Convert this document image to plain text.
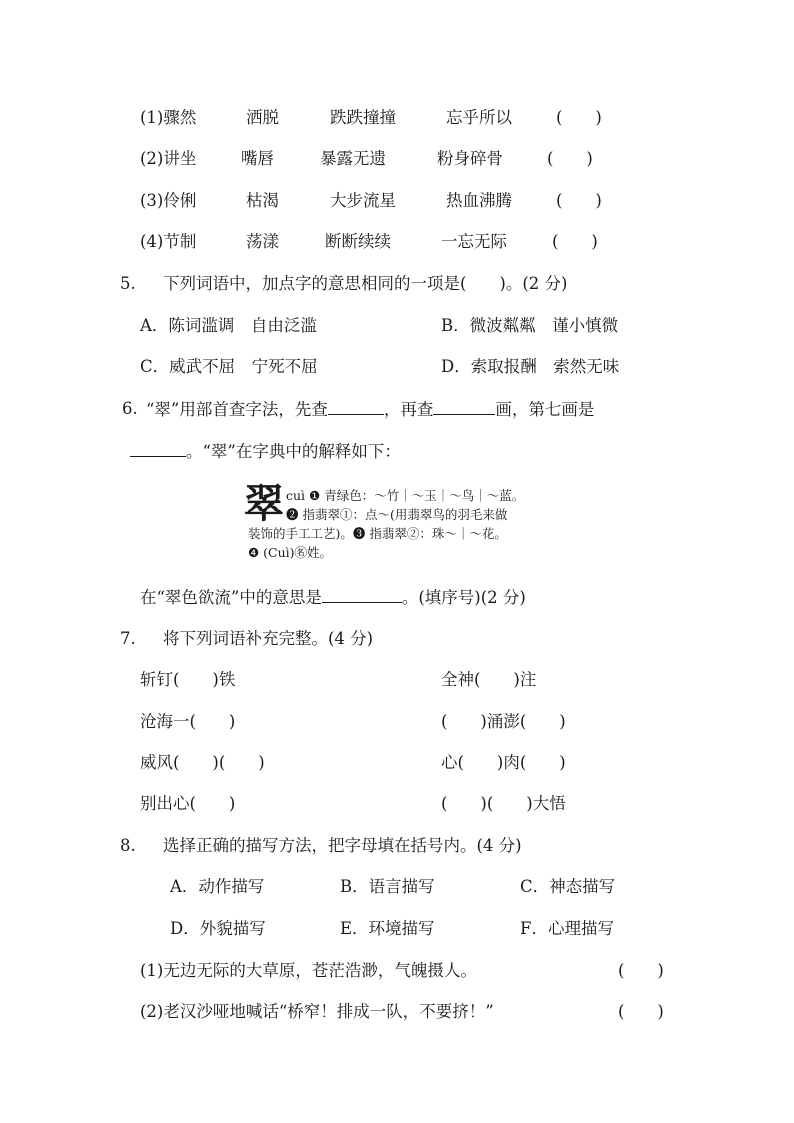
(1)骤然	洒脱	跌跌撞撞	忘乎所以	(　　)
(2)讲坐	嘴唇	暴露无遗	粉身碎骨	(　　)
(3)伶俐	枯渴	大步流星	热血沸腾	(　　)
(4)节制	荡漾	断断续续	一忘无际	(　　)
5. 下列词语中，加点字的意思相同的一项是(　　)。(2 分)
A．陈词滥调　 自由泛滥	B．微波粼粼　 谨小慎微
C．威武不屈　 宁死不屈	D．索取报酬　 索然无味
6. “翠”用部首查字法，先查	，再查	画，第七画是
。“翠”在字典中的解释如下：
翠 cuì ❶ 青绿色：～竹｜～玉｜～鸟｜～蓝。
❷ 指翡翠①：点～(用翡翠鸟的羽毛来做
装饰的手工工艺)。❸ 指翡翠②：珠～｜～花。
❹ (Cuì)㊔姓。
在“翠色欲流”中的意思是	。(填序号)(2 分)
7. 将下列词语补充完整。(4 分)
斩钉(　　)铁	全神(　　)注
沧海一(　　)	(　　)涌澎(　　)
威风(　　)(　　)	心(　　)肉(　　)
别出心(　　)	(　　)(　　)大悟
8. 选择正确的描写方法，把字母填在括号内。(4 分)
A．动作描写	B．语言描写	C．神态描写
D．外貌描写	E．环境描写	F．心理描写
(1)无边无际的大草原，苍茫浩渺，气魄摄人。	(　　)
(2)老汉沙哑地喊话“桥窄！排成一队，不要挤！”	(　　)
